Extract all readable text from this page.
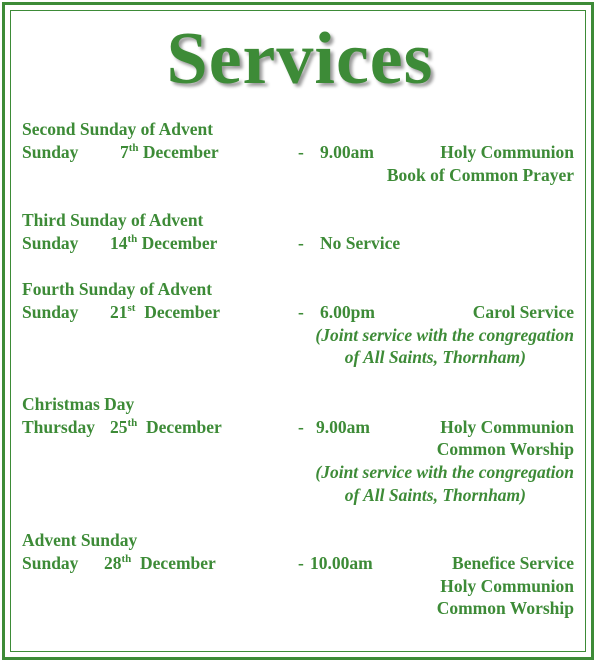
Services
Second Sunday of Advent
Sunday 7th December	- 9.00am	Holy Communion
Book of Common Prayer
Third Sunday of Advent
Sunday 14th December	- No Service
Fourth Sunday of Advent
Sunday 21st December	- 6.00pm	Carol Service
(Joint service with the congregation
of All Saints, Thornham)
Christmas Day
Thursday 25th December	- 9.00am	Holy Communion
Common Worship
(Joint service with the congregation
of All Saints, Thornham)
Advent Sunday
Sunday 28th December	- 10.00am	Benefice Service
Holy Communion
Common Worship
